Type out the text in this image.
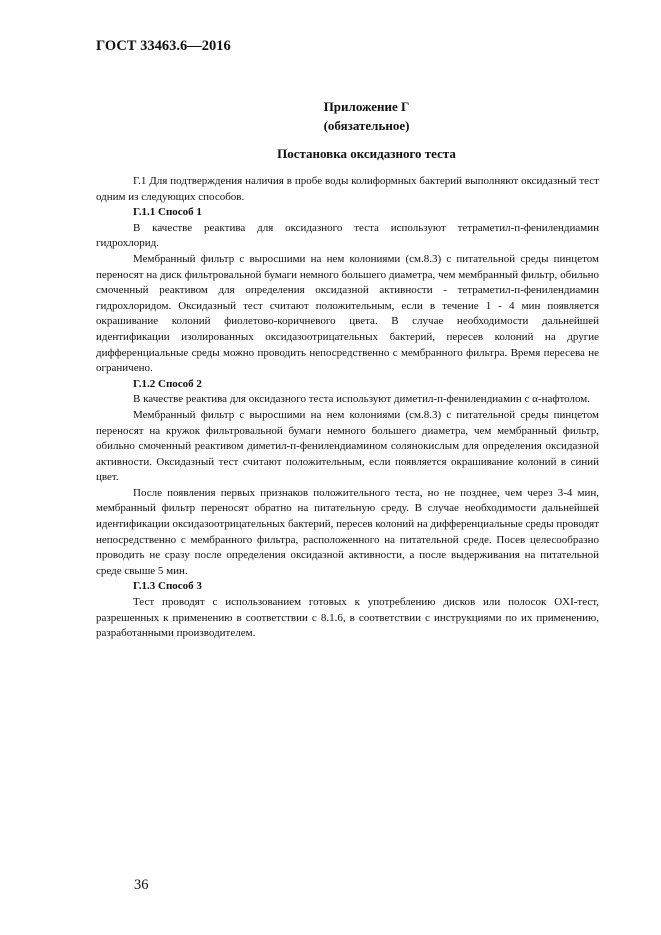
ГОСТ 33463.6—2016
Приложение Г
(обязательное)
Постановка оксидазного теста

Г.1 Для подтверждения наличия в пробе воды колиформных бактерий выполняют оксидазный тест одним из следующих способов.

Г.1.1 Способ 1

В качестве реактива для оксидазного теста используют тетраметил-п-фенилендиамин гидрохлорид.

Мембранный фильтр с выросшими на нем колониями (см.8.3) с питательной среды пинцетом переносят на диск фильтровальной бумаги немного большего диаметра, чем мембранный фильтр, обильно смоченный реактивом для определения оксидазной активности - тетраметил-п-фенилендиамин гидрохлоридом. Оксидазный тест считают положительным, если в течение 1 - 4 мин появляется окрашивание колоний фиолетово-коричневого цвета. В случае необходимости дальнейшей идентификации изолированных оксидазоотрицательных бактерий, пересев колоний на другие дифференциальные среды можно проводить непосредственно с мембранного фильтра. Время пересева не ограничено.

Г.1.2 Способ 2

В качестве реактива для оксидазного теста используют диметил-п-фенилендиамин с α-нафтолом.

Мембранный фильтр с выросшими на нем колониями (см.8.3) с питательной среды пинцетом переносят на кружок фильтровальной бумаги немного большего диаметра, чем мембранный фильтр, обильно смоченный реактивом диметил-п-фенилендиамином солянокислым для определения оксидазной активности. Оксидазный тест считают положительным, если появляется окрашивание колоний в синий цвет.

После появления первых признаков положительного теста, но не позднее, чем через 3-4 мин, мембранный фильтр переносят обратно на питательную среду. В случае необходимости дальнейшей идентификации оксидазоотрицательных бактерий, пересев колоний на дифференциальные среды проводят непосредственно с мембранного фильтра, расположенного на питательной среде. Посев целесообразно проводить не сразу после определения оксидазной активности, а после выдерживания на питательной среде свыше 5 мин.

Г.1.3 Способ 3

Тест проводят с использованием готовых к употреблению дисков или полосок OXI-тест, разрешенных к применению в соответствии с 8.1.6, в соответствии с инструкциями по их применению, разработанными производителем.

36
